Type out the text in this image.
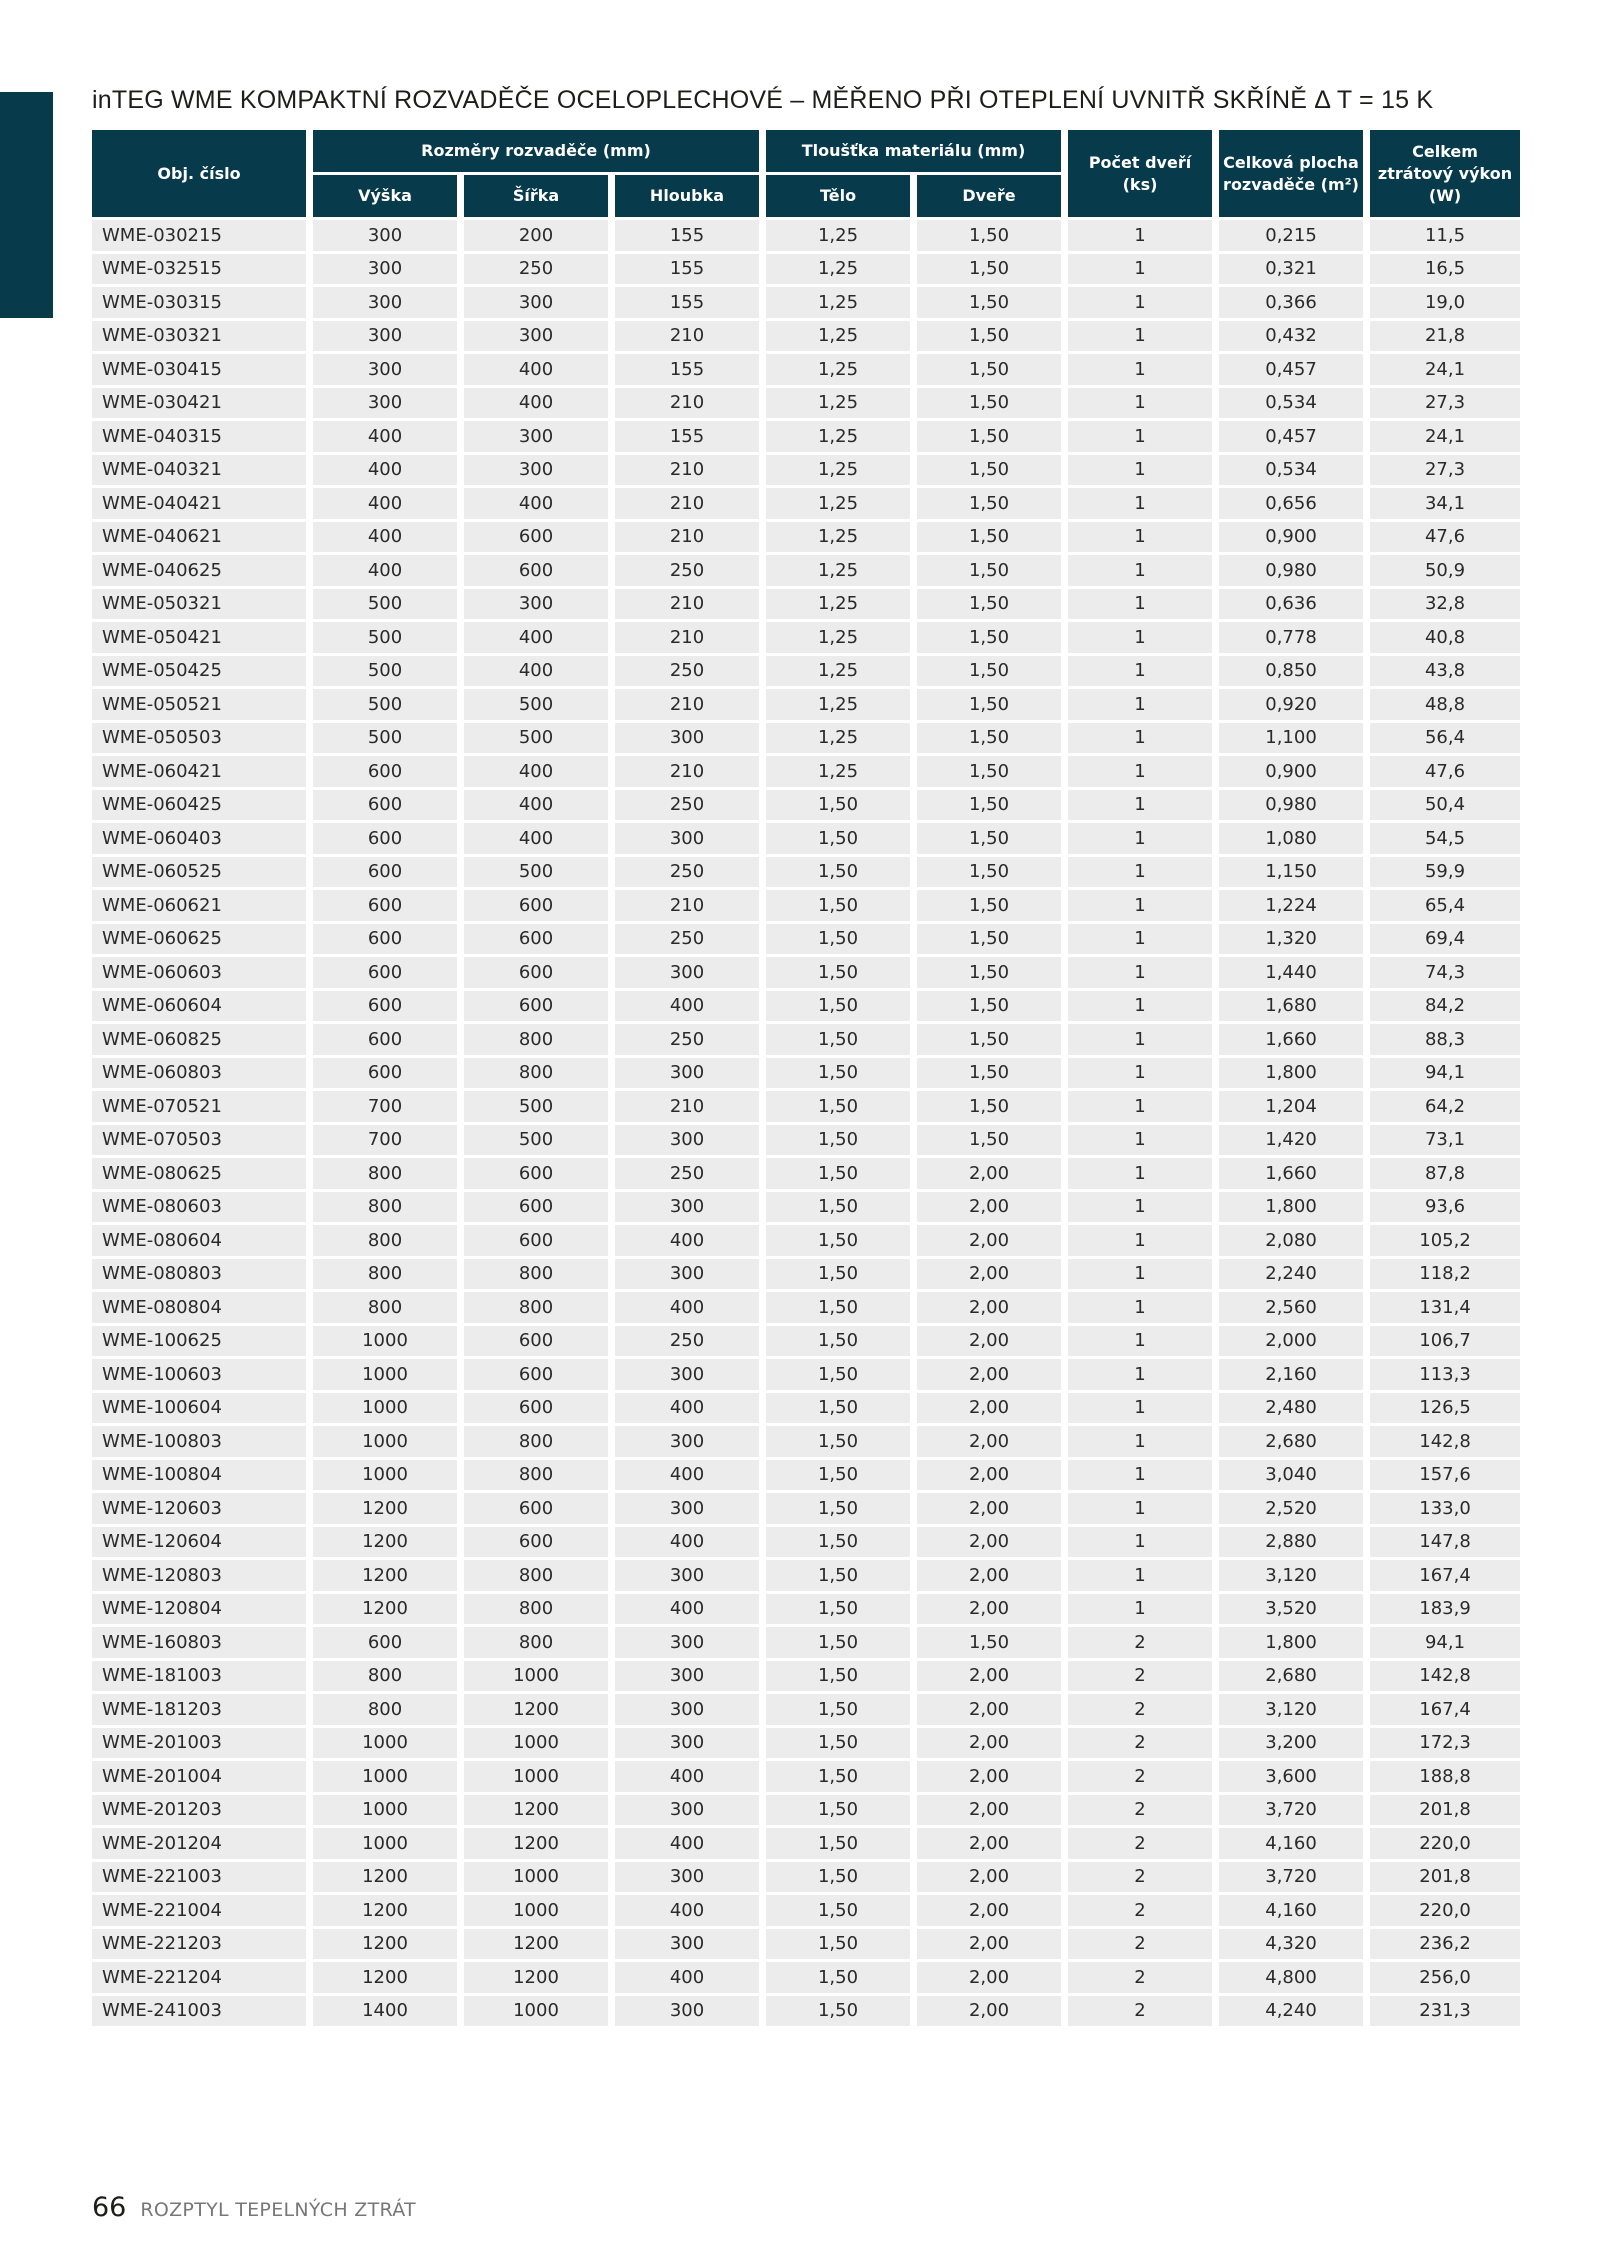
inTEG WME KOMPAKTNÍ ROZVADĚČE OCELOPLECHOVÉ – MĚŘENO PŘI OTEPLENÍ UVNITŘ SKŘÍNĚ Δ T = 15 K
Obj. číslo	Rozměry rozvaděče (mm)			Tloušťka materiálu (mm)		Počet dveří (ks)	Celková plocha rozvaděče (m²)	Celkem ztrátový výkon (W)
	Výška	Šířka	Hloubka	Tělo	Dveře			
WME-030215	300	200	155	1,25	1,50	1	0,215	11,5
WME-032515	300	250	155	1,25	1,50	1	0,321	16,5
WME-030315	300	300	155	1,25	1,50	1	0,366	19,0
WME-030321	300	300	210	1,25	1,50	1	0,432	21,8
WME-030415	300	400	155	1,25	1,50	1	0,457	24,1
WME-030421	300	400	210	1,25	1,50	1	0,534	27,3
WME-040315	400	300	155	1,25	1,50	1	0,457	24,1
WME-040321	400	300	210	1,25	1,50	1	0,534	27,3
WME-040421	400	400	210	1,25	1,50	1	0,656	34,1
WME-040621	400	600	210	1,25	1,50	1	0,900	47,6
WME-040625	400	600	250	1,25	1,50	1	0,980	50,9
WME-050321	500	300	210	1,25	1,50	1	0,636	32,8
WME-050421	500	400	210	1,25	1,50	1	0,778	40,8
WME-050425	500	400	250	1,25	1,50	1	0,850	43,8
WME-050521	500	500	210	1,25	1,50	1	0,920	48,8
WME-050503	500	500	300	1,25	1,50	1	1,100	56,4
WME-060421	600	400	210	1,25	1,50	1	0,900	47,6
WME-060425	600	400	250	1,50	1,50	1	0,980	50,4
WME-060403	600	400	300	1,50	1,50	1	1,080	54,5
WME-060525	600	500	250	1,50	1,50	1	1,150	59,9
WME-060621	600	600	210	1,50	1,50	1	1,224	65,4
WME-060625	600	600	250	1,50	1,50	1	1,320	69,4
WME-060603	600	600	300	1,50	1,50	1	1,440	74,3
WME-060604	600	600	400	1,50	1,50	1	1,680	84,2
WME-060825	600	800	250	1,50	1,50	1	1,660	88,3
WME-060803	600	800	300	1,50	1,50	1	1,800	94,1
WME-070521	700	500	210	1,50	1,50	1	1,204	64,2
WME-070503	700	500	300	1,50	1,50	1	1,420	73,1
WME-080625	800	600	250	1,50	2,00	1	1,660	87,8
WME-080603	800	600	300	1,50	2,00	1	1,800	93,6
WME-080604	800	600	400	1,50	2,00	1	2,080	105,2
WME-080803	800	800	300	1,50	2,00	1	2,240	118,2
WME-080804	800	800	400	1,50	2,00	1	2,560	131,4
WME-100625	1000	600	250	1,50	2,00	1	2,000	106,7
WME-100603	1000	600	300	1,50	2,00	1	2,160	113,3
WME-100604	1000	600	400	1,50	2,00	1	2,480	126,5
WME-100803	1000	800	300	1,50	2,00	1	2,680	142,8
WME-100804	1000	800	400	1,50	2,00	1	3,040	157,6
WME-120603	1200	600	300	1,50	2,00	1	2,520	133,0
WME-120604	1200	600	400	1,50	2,00	1	2,880	147,8
WME-120803	1200	800	300	1,50	2,00	1	3,120	167,4
WME-120804	1200	800	400	1,50	2,00	1	3,520	183,9
WME-160803	600	800	300	1,50	1,50	2	1,800	94,1
WME-181003	800	1000	300	1,50	2,00	2	2,680	142,8
WME-181203	800	1200	300	1,50	2,00	2	3,120	167,4
WME-201003	1000	1000	300	1,50	2,00	2	3,200	172,3
WME-201004	1000	1000	400	1,50	2,00	2	3,600	188,8
WME-201203	1000	1200	300	1,50	2,00	2	3,720	201,8
WME-201204	1000	1200	400	1,50	2,00	2	4,160	220,0
WME-221003	1200	1000	300	1,50	2,00	2	3,720	201,8
WME-221004	1200	1000	400	1,50	2,00	2	4,160	220,0
WME-221203	1200	1200	300	1,50	2,00	2	4,320	236,2
WME-221204	1200	1200	400	1,50	2,00	2	4,800	256,0
WME-241003	1400	1000	300	1,50	2,00	2	4,240	231,3
66 ROZPTYL TEPELNÝCH ZTRÁT
